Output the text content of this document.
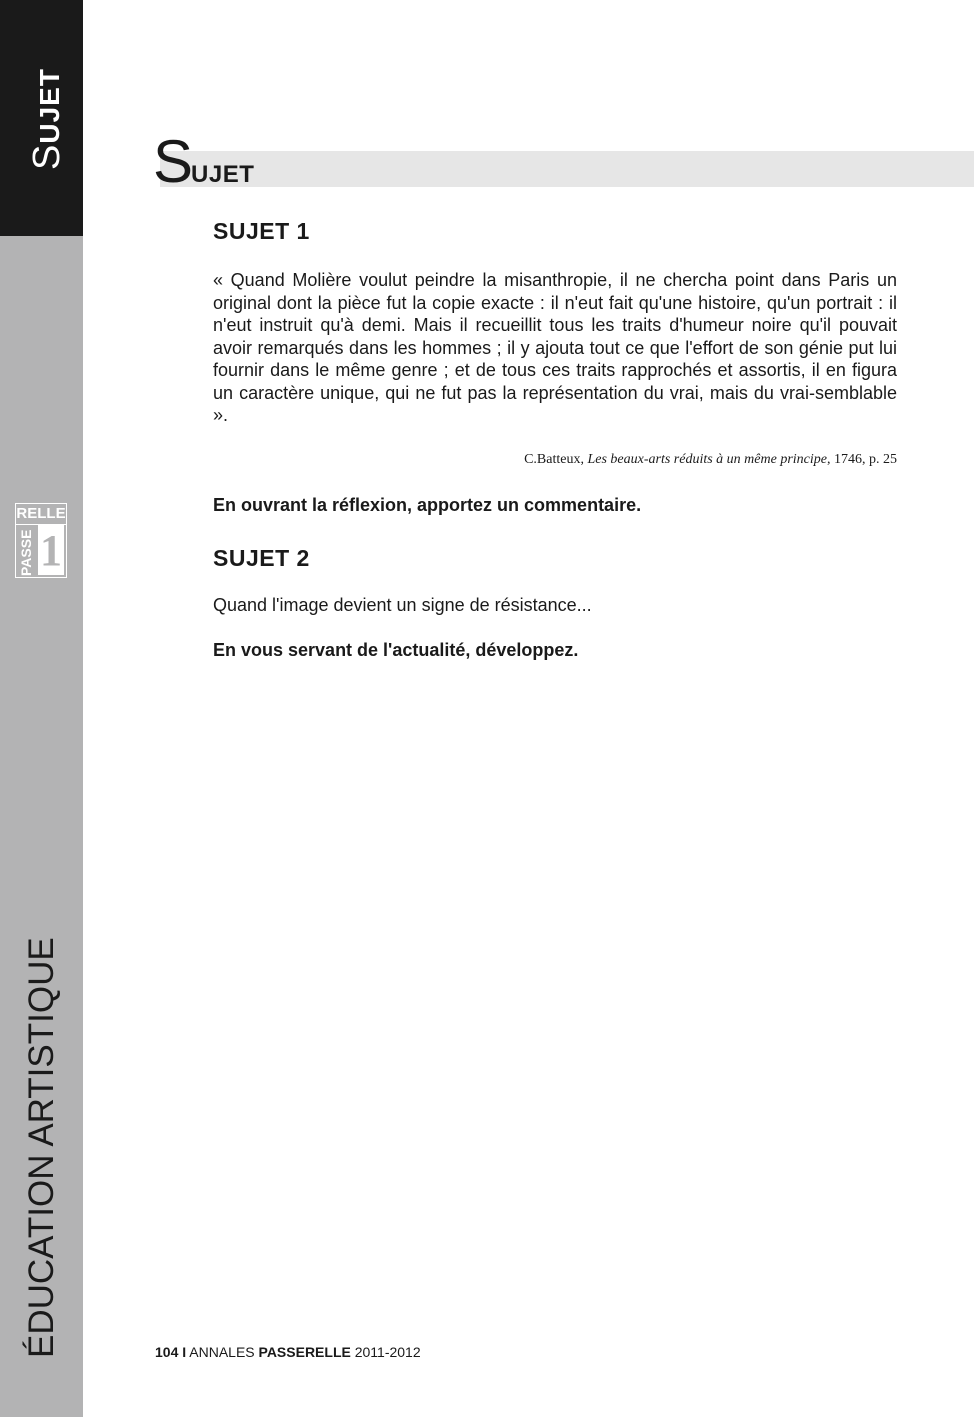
SUJET
RELLE
PASSE 1
ÉDUCATION ARTISTIQUE
SUJET
SUJET 1

« Quand Molière voulut peindre la misanthropie, il ne chercha point dans Paris un original dont la pièce fut la copie exacte : il n'eut fait qu'une histoire, qu'un portrait : il n'eut instruit qu'à demi. Mais il recueillit tous les traits d'humeur noire qu'il pouvait avoir remarqués dans les hommes ; il y ajouta tout ce que l'effort de son génie put lui fournir dans le même genre ; et de tous ces traits rapprochés et assortis, il en figura un caractère unique, qui ne fut pas la représentation du vrai, mais du vrai-semblable ».

C.Batteux, Les beaux-arts réduits à un même principe, 1746, p. 25

En ouvrant la réflexion, apportez un commentaire.

SUJET 2

Quand l'image devient un signe de résistance...

En vous servant de l'actualité, développez.

104 I ANNALES PASSERELLE 2011-2012
